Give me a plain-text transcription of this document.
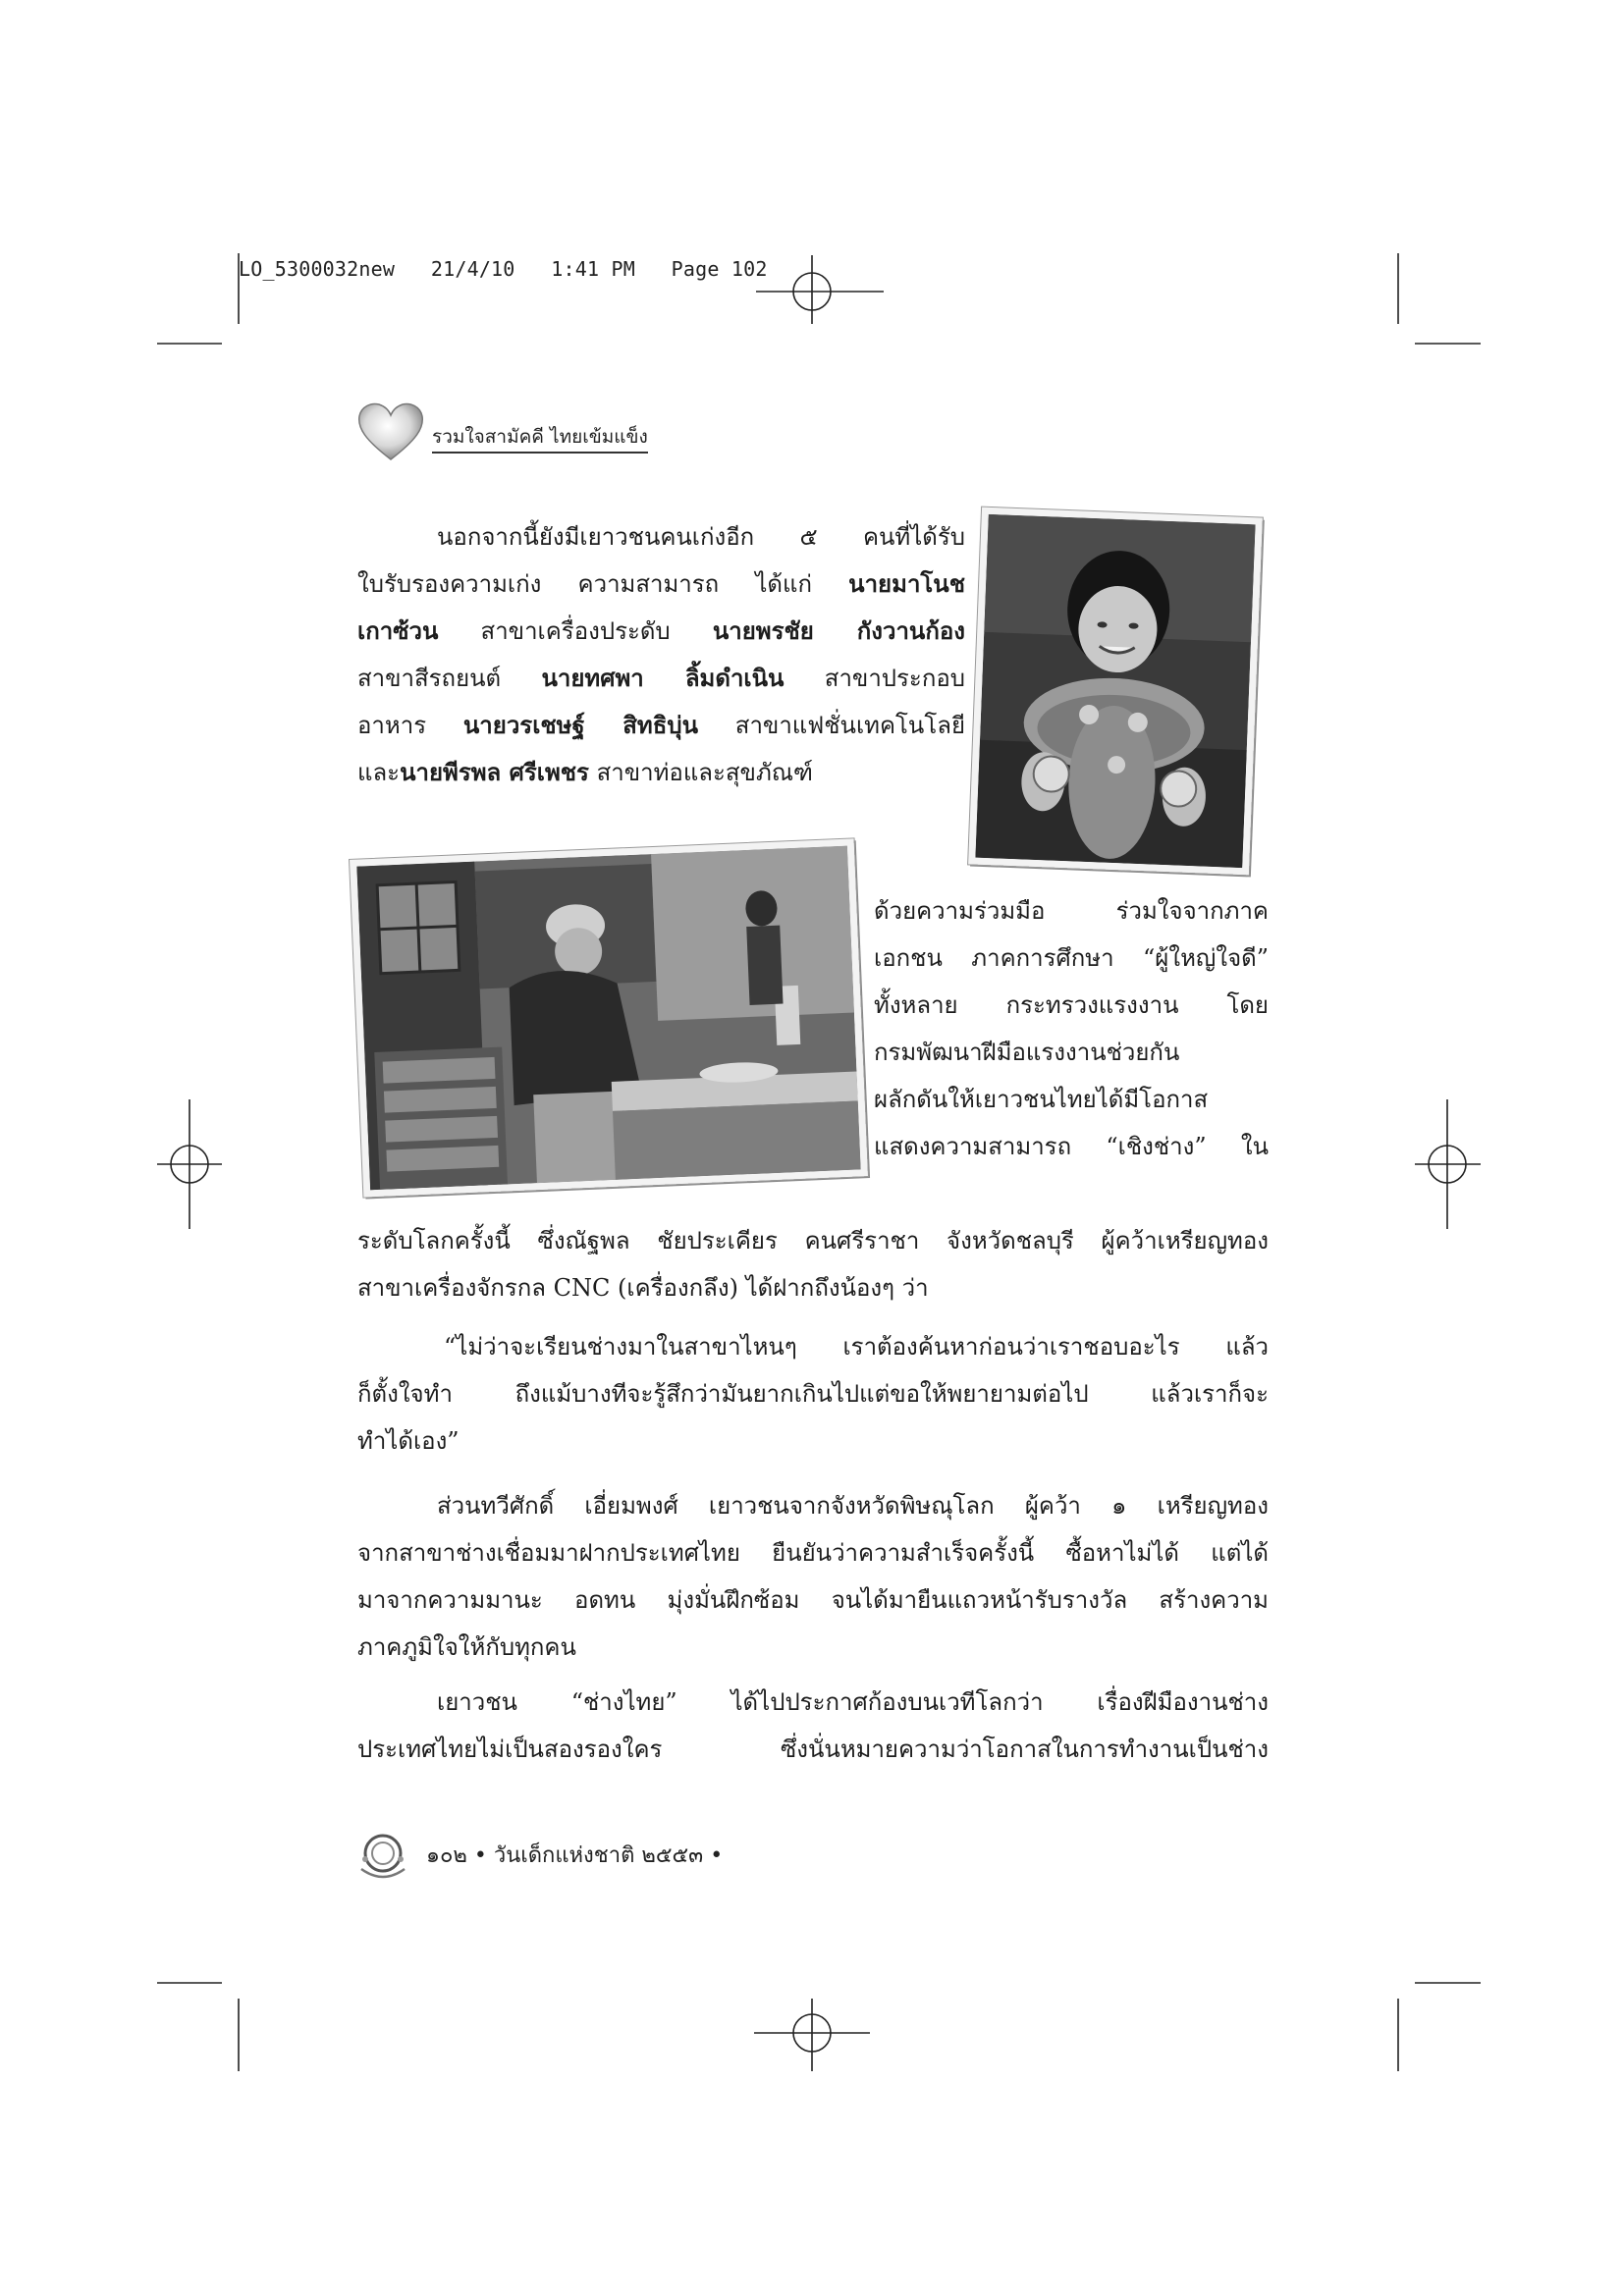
LO_5300032new   21/4/10   1:41 PM   Page 102
รวมใจสามัคคี ไทยเข้มแข็ง
นอกจากนี้ยังมีเยาวชนคนเก่งอีก ๕ คนที่ได้รับ
ใบรับรองความเก่ง ความสามารถ ได้แก่ นายมาโนช
เกาซ้วน สาขาเครื่องประดับ นายพรชัย กังวานก้อง
สาขาสีรถยนต์ นายทศพา ลิ้มดำเนิน สาขาประกอบ
อาหาร นายวรเชษฐ์ สิทธิบุ่น สาขาแฟชั่นเทคโนโลยี
และนายพีรพล ศรีเพชร สาขาท่อและสุขภัณฑ์
ด้วยความร่วมมือ ร่วมใจจากภาค
เอกชน ภาคการศึกษา “ผู้ใหญ่ใจดี”
ทั้งหลาย กระทรวงแรงงาน โดย
กรมพัฒนาฝีมือแรงงานช่วยกัน
ผลักดันให้เยาวชนไทยได้มีโอกาส
แสดงความสามารถ “เชิงช่าง” ใน
ระดับโลกครั้งนี้ ซึ่งณัฐพล ชัยประเคียร คนศรีราชา จังหวัดชลบุรี ผู้คว้าเหรียญทอง
สาขาเครื่องจักรกล CNC (เครื่องกลึง) ได้ฝากถึงน้องๆ ว่า
“ไม่ว่าจะเรียนช่างมาในสาขาไหนๆ เราต้องค้นหาก่อนว่าเราชอบอะไร แล้ว
ก็ตั้งใจทำ ถึงแม้บางทีจะรู้สึกว่ามันยากเกินไปแต่ขอให้พยายามต่อไป แล้วเราก็จะ
ทำได้เอง”
ส่วนทวีศักดิ์ เอี่ยมพงศ์ เยาวชนจากจังหวัดพิษณุโลก ผู้คว้า ๑ เหรียญทอง
จากสาขาช่างเชื่อมมาฝากประเทศไทย ยืนยันว่าความสำเร็จครั้งนี้ ซื้อหาไม่ได้ แต่ได้
มาจากความมานะ อดทน มุ่งมั่นฝึกซ้อม จนได้มายืนแถวหน้ารับรางวัล สร้างความ
ภาคภูมิใจให้กับทุกคน
เยาวชน “ช่างไทย” ได้ไปประกาศก้องบนเวทีโลกว่า เรื่องฝีมืองานช่าง
ประเทศไทยไม่เป็นสองรองใคร ซึ่งนั่นหมายความว่าโอกาสในการทำงานเป็นช่าง
๑๐๒ • วันเด็กแห่งชาติ ๒๕๕๓ •
